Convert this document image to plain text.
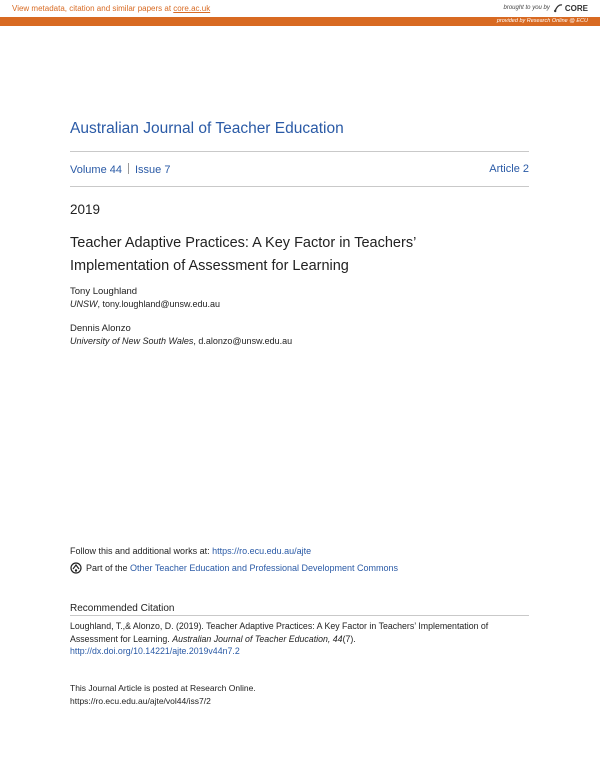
View metadata, citation and similar papers at core.ac.uk	brought to you by CORE
provided by Research Online @ ECU
Australian Journal of Teacher Education
Volume 44 Issue 7	Article 2
2019
Teacher Adaptive Practices: A Key Factor in Teachers’ Implementation of Assessment for Learning
Tony Loughland
UNSW, tony.loughland@unsw.edu.au
Dennis Alonzo
University of New South Wales, d.alonzo@unsw.edu.au
Follow this and additional works at: https://ro.ecu.edu.au/ajte
Part of the Other Teacher Education and Professional Development Commons
Recommended Citation
Loughland, T.,& Alonzo, D. (2019). Teacher Adaptive Practices: A Key Factor in Teachers’ Implementation of Assessment for Learning. Australian Journal of Teacher Education, 44(7).
http://dx.doi.org/10.14221/ajte.2019v44n7.2
This Journal Article is posted at Research Online.
https://ro.ecu.edu.au/ajte/vol44/iss7/2
